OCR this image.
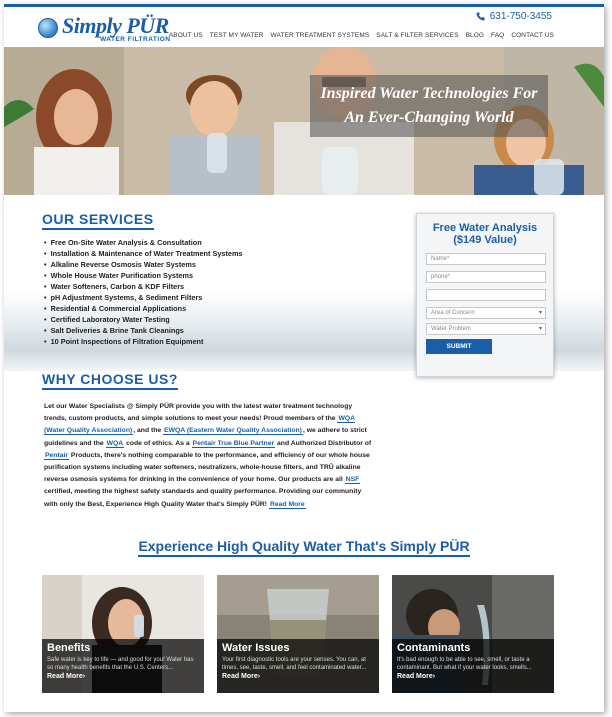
Simply PÜR
WATER FILTRATION
631-750-3455
ABOUT US TEST MY WATER WATER TREATMENT SYSTEMS SALT & FILTER SERVICES BLOG FAQ CONTACT US

Inspired Water Technologies For
An Ever-Changing World

OUR SERVICES
• Free On-Site Water Analysis & Consultation
• Installation & Maintenance of Water Treatment Systems
• Alkaline Reverse Osmosis Water Systems
• Whole House Water Purification Systems
• Water Softeners, Carbon & KDF Filters
• pH Adjustment Systems, & Sediment Filters
• Residential & Commercial Applications
• Certified Laboratory Water Testing
• Salt Deliveries & Brine Tank Cleanings
• 10 Point Inspections of Filtration Equipment
Free Water Analysis
($149 Value)
Name*
phone*
Area of Concern	▾
Water Problem	▾
SUBMIT
WHY CHOOSE US?
Let our Water Specialists @ Simply PÜR provide you with the latest water treatment technology trends, custom products, and simple solutions to meet your needs! Proud members of the WQA (Water Quality Association), and the EWQA (Eastern Water Quality Association), we adhere to strict guidelines and the WQA code of ethics. As a Pentair True Blue Partner and Authorized Distributor of Pentair Products, there's nothing comparable to the performance, and efficiency of our whole house purification systems including water softeners, neutralizers, whole-house filters, and TRŪ alkaline reverse osmosis systems for drinking in the convenience of your home. Our products are all NSF certified, meeting the highest safety standards and quality performance. Providing our community with only the Best, Experience High Quality Water that's Simply PÜR! Read More
Experience High Quality Water That's Simply PÜR
Benefits
Safe water is key to life — and good for you! Water has so many health benefits that the U.S. Centers...
Read More›
Water Issues
Your first diagnostic tools are your senses. You can, at times, see, taste, smell, and feel contaminated water...
Read More›
Contaminants
It's bad enough to be able to see, smell, or taste a contaminant. But what if your water looks, smells...
Read More›
